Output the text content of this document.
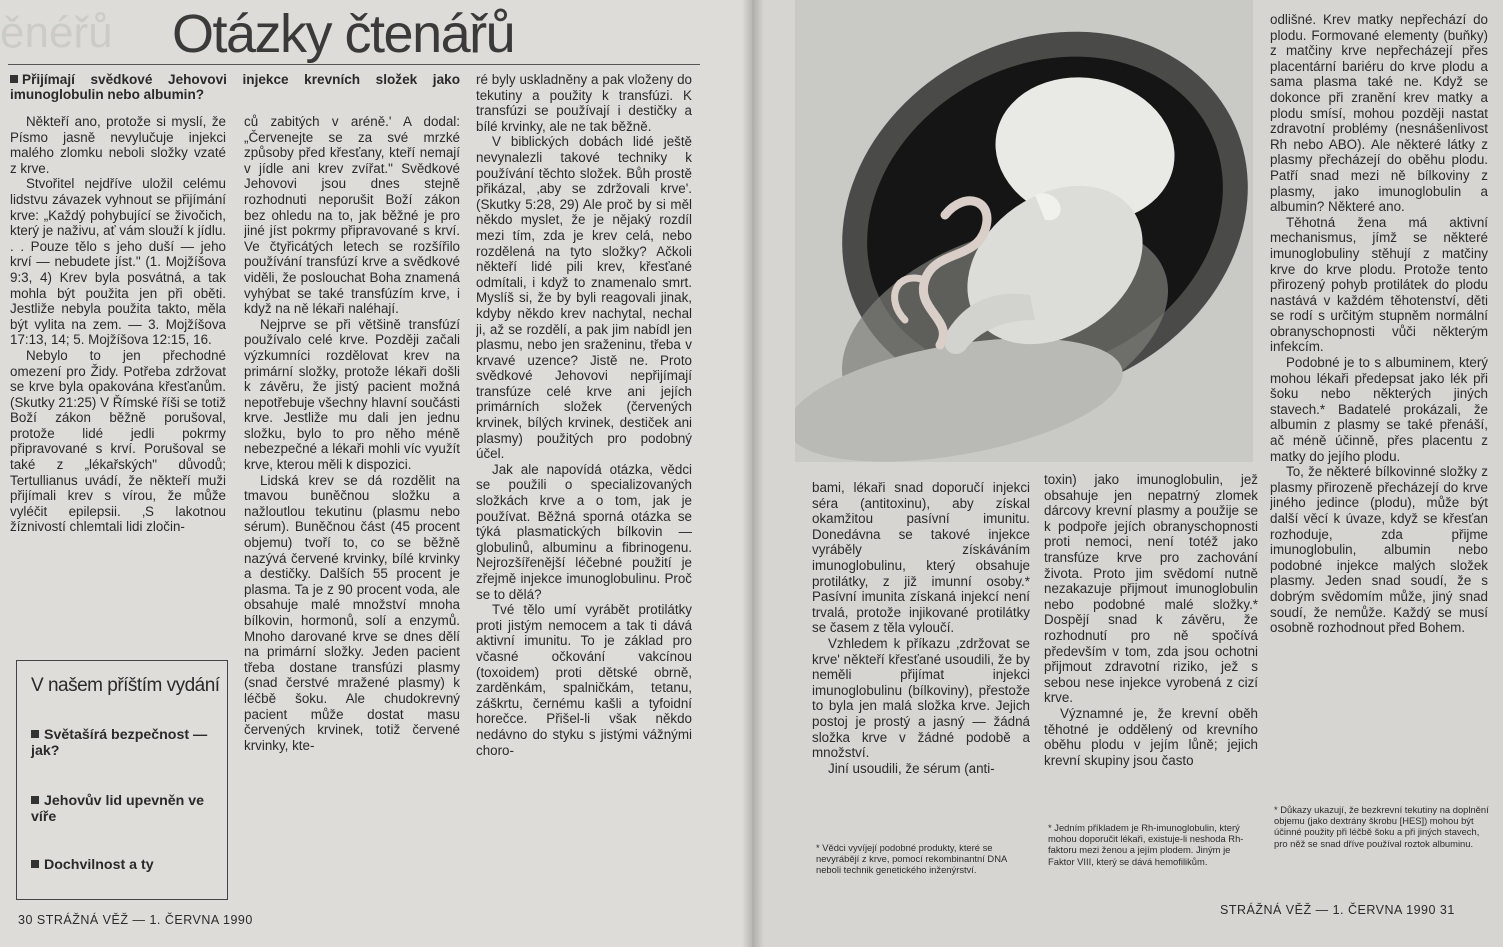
ěnéřů	Otázky čtenářů
Přijímají svědkové Jehovovi injekce krevních složek jako imunoglobulin nebo albumin?

Někteří ano, protože si myslí, že Písmo jasně nevylučuje injekci malého zlomku neboli složky vzaté z krve.

Stvořitel nejdříve uložil celému lidstvu závazek vyhnout se přijímání krve: „Každý pohybující se živočich, který je naživu, ať vám slouží k jídlu. . . Pouze tělo s jeho duší — jeho krví — nebudete jíst." (1. Mojžíšova 9:3, 4) Krev byla posvátná, a tak mohla být použita jen při oběti. Jestliže nebyla použita takto, měla být vylita na zem. — 3. Mojžíšova 17:13, 14; 5. Mojžíšova 12:15, 16.

Nebylo to jen přechodné omezení pro Židy. Potřeba zdržovat se krve byla opakována křesťanům. (Skutky 21:25) V Římské říši se totiž Boží zákon běžně porušoval, protože lidé jedli pokrmy připravované s krví. Porušoval se také z „lékařských" důvodů; Tertullianus uvádí, že někteří muži přijímali krev s vírou, že může vyléčit epilepsii. ‚S lakotnou žíznivostí chlemtali lidi zločin-

ců zabitých v aréně.' A dodal: „Červenejte se za své mrzké způsoby před křesťany, kteří nemají v jídle ani krev zvířat." Svědkové Jehovovi jsou dnes stejně rozhodnuti neporušit Boží zákon bez ohledu na to, jak běžné je pro jiné jíst pokrmy připravované s krví. Ve čtyřicátých letech se rozšířilo používání transfúzí krve a svědkové viděli, že poslouchat Boha znamená vyhýbat se také transfúzím krve, i když na ně lékaři naléhají.

Nejprve se při většině transfúzí používalo celé krve. Později začali výzkumníci rozdělovat krev na primární složky, protože lékaři došli k závěru, že jistý pacient možná nepotřebuje všechny hlavní součásti krve. Jestliže mu dali jen jednu složku, bylo to pro něho méně nebezpečné a lékaři mohli víc využít krve, kterou měli k dispozici.

Lidská krev se dá rozdělit na tmavou buněčnou složku a nažloutlou tekutinu (plasmu nebo sérum). Buněčnou část (45 procent objemu) tvoří to, co se běžně nazývá červené krvinky, bílé krvinky a destičky. Dalších 55 procent je plasma. Ta je z 90 procent voda, ale obsahuje malé množství mnoha bílkovin, hormonů, solí a enzymů. Mnoho darované krve se dnes dělí na primární složky. Jeden pacient třeba dostane transfúzi plasmy (snad čerstvé mražené plasmy) k léčbě šoku. Ale chudokrevný pacient může dostat masu červených krvinek, totiž červené krvinky, kte-

ré byly uskladněny a pak vloženy do tekutiny a použity k transfúzi. K transfúzi se používají i destičky a bílé krvinky, ale ne tak běžně.

V biblických dobách lidé ještě nevynalezli takové techniky k používání těchto složek. Bůh prostě přikázal, ‚aby se zdržovali krve'. (Skutky 5:28, 29) Ale proč by si měl někdo myslet, že je nějaký rozdíl mezi tím, zda je krev celá, nebo rozdělená na tyto složky? Ačkoli někteří lidé pili krev, křesťané odmítali, i když to znamenalo smrt. Myslíš si, že by byli reagovali jinak, kdyby někdo krev nachytal, nechal ji, až se rozdělí, a pak jim nabídl jen plasmu, nebo jen sraženinu, třeba v krvavé uzence? Jistě ne. Proto svědkové Jehovovi nepřijímají transfúze celé krve ani jejích primárních složek (červených krvinek, bílých krvinek, destiček ani plasmy) použitých pro podobný účel.

Jak ale napovídá otázka, vědci se použili o specializovaných složkách krve a o tom, jak je používat. Běžná sporná otázka se týká plasmatických bílkovin — globulinů, albuminu a fibrinogenu. Nejrozšířenější léčebné použití je zřejmě injekce imunoglobulinu. Proč se to dělá?

Tvé tělo umí vyrábět protilátky proti jistým nemocem a tak ti dává aktivní imunitu. To je základ pro včasné očkování vakcínou (toxoidem) proti dětské obrně, zarděnkám, spalničkám, tetanu, záškrtu, černému kašli a tyfoidní horečce. Přišel-li však někdo nedávno do styku s jistými vážnými choro-

V našem příštím vydání
Světašírá bezpečnost — jak?
Jehovův lid upevněn ve víře
Dochvilnost a ty
30 STRÁŽNÁ VĚŽ — 1. ČERVNA 1990

bami, lékaři snad doporučí injekci séra (antitoxinu), aby získal okamžitou pasívní imunitu. Donedávna se takové injekce vyráběly získáváním imunoglobulinu, který obsahuje protilátky, z již imunní osoby.* Pasívní imunita získaná injekcí není trvalá, protože injikované protilátky se časem z těla vyloučí.

Vzhledem k příkazu ‚zdržovat se krve' někteří křesťané usoudili, že by neměli přijímat injekci imunoglobulinu (bílkoviny), přestože to byla jen malá složka krve. Jejich postoj je prostý a jasný — žádná složka krve v žádné podobě a množství.

Jiní usoudili, že sérum (anti-

* Vědci vyvíjejí podobné produkty, které se nevyrábějí z krve, pomocí rekombinantní DNA neboli technik genetického inženýrství.

toxin) jako imunoglobulin, jež obsahuje jen nepatrný zlomek dárcovy krevní plasmy a použije se k podpoře jejích obranyschopnosti proti nemoci, není totéž jako transfúze krve pro zachování života. Proto jim svědomí nutně nezakazuje přijmout imunoglobulin nebo podobné malé složky.* Dospějí snad k závěru, že rozhodnutí pro ně spočívá především v tom, zda jsou ochotni přijmout zdravotní riziko, jež s sebou nese injekce vyrobená z cizí krve.

Významné je, že krevní oběh těhotné je oddělený od krevního oběhu plodu v jejím lůně; jejich krevní skupiny jsou často

* Jedním příkladem je Rh-imunoglobulin, který mohou doporučit lékaři, existuje-li neshoda Rh-faktoru mezi ženou a jejím plodem. Jiným je Faktor VIII, který se dává hemofilikům.

odlišné. Krev matky nepřechází do plodu. Formované elementy (buňky) z matčiny krve nepřecházejí přes placentární bariéru do krve plodu a sama plasma také ne. Když se dokonce při zranění krev matky a plodu smísí, mohou později nastat zdravotní problémy (nesnášenlivost Rh nebo ABO). Ale některé látky z plasmy přecházejí do oběhu plodu. Patří snad mezi ně bílkoviny z plasmy, jako imunoglobulin a albumin? Některé ano.

Těhotná žena má aktivní mechanismus, jímž se některé imunoglobuliny stěhují z matčiny krve do krve plodu. Protože tento přirozený pohyb protilátek do plodu nastává v každém těhotenství, děti se rodí s určitým stupněm normální obranyschopnosti vůči některým infekcím.

Podobné je to s albuminem, který mohou lékaři předepsat jako lék při šoku nebo některých jiných stavech.* Badatelé prokázali, že albumin z plasmy se také přenáší, ač méně účinně, přes placentu z matky do jejího plodu.

To, že některé bílkovinné složky z plasmy přirozeně přecházejí do krve jiného jedince (plodu), může být další věcí k úvaze, když se křesťan rozhoduje, zda přijme imunoglobulin, albumin nebo podobné injekce malých složek plasmy. Jeden snad soudí, že s dobrým svědomím může, jiný snad soudí, že nemůže. Každý se musí osobně rozhodnout před Bohem.

* Důkazy ukazují, že bezkrevní tekutiny na doplnění objemu (jako dextrány škrobu [HES]) mohou být účinné použity při léčbě šoku a při jiných stavech, pro něž se snad dříve používal roztok albuminu.

STRÁŽNÁ VĚŽ — 1. ČERVNA 1990 31
